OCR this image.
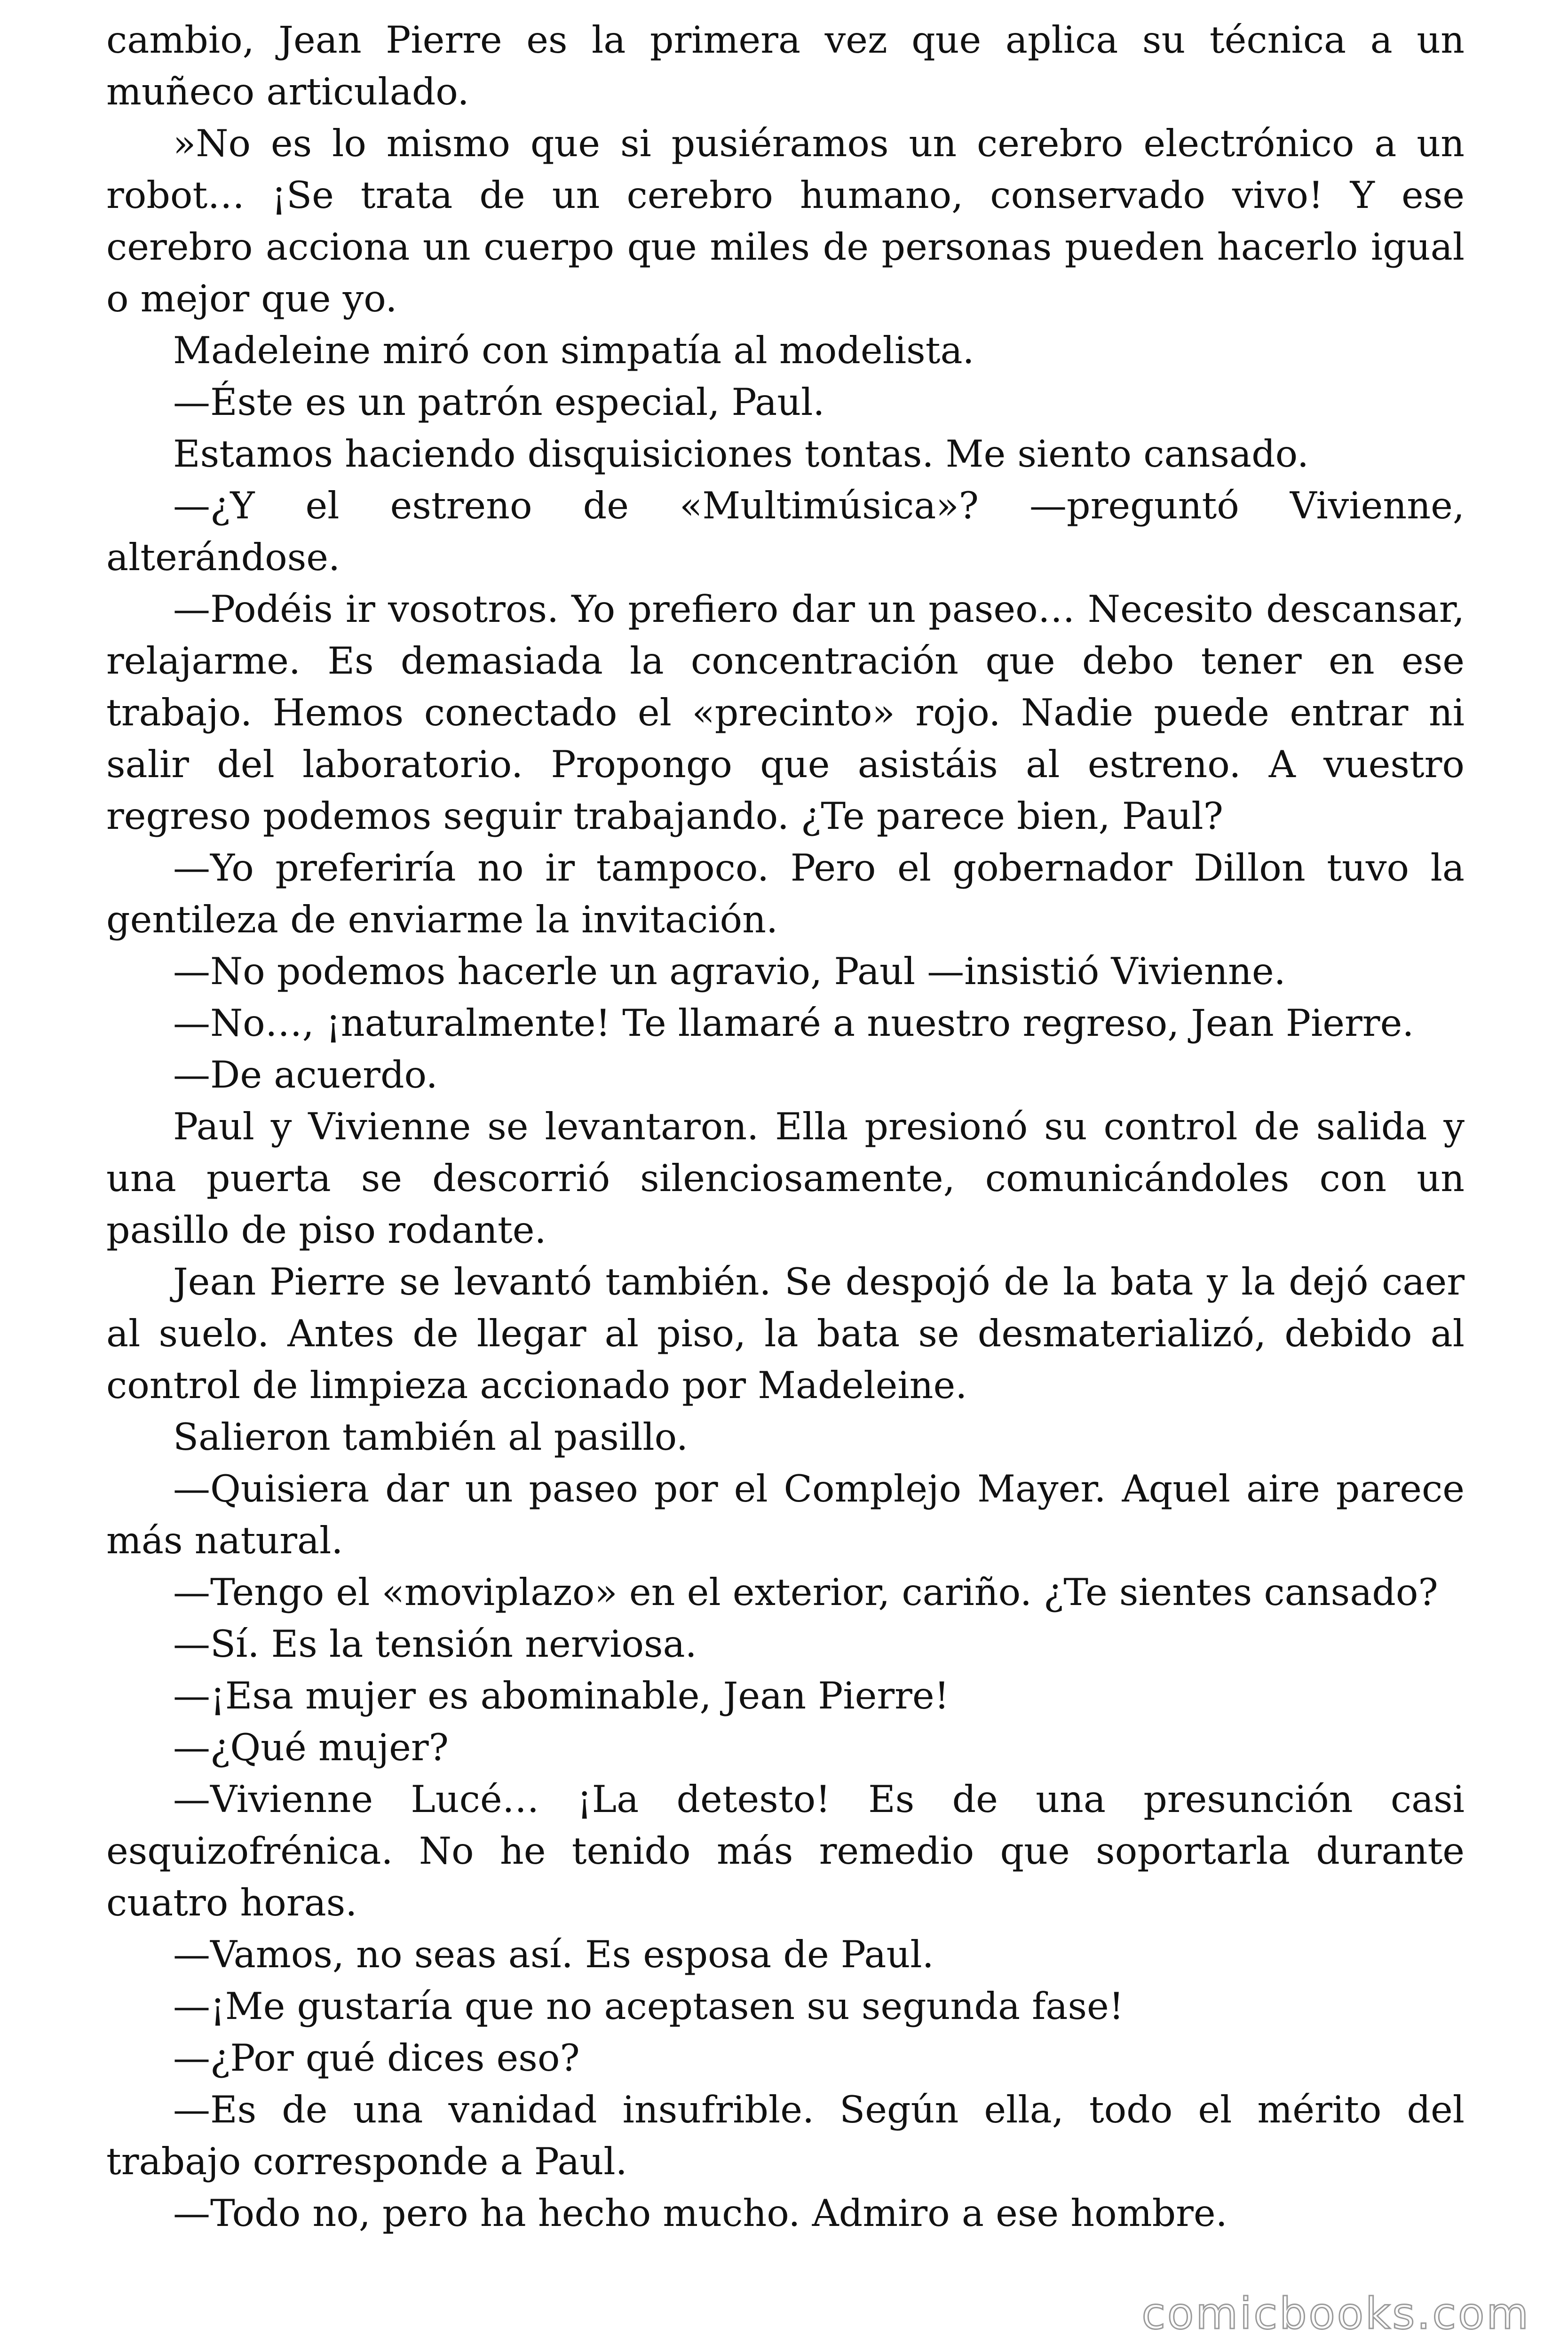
cambio, Jean Pierre es la primera vez que aplica su técnica a un muñeco articulado.

»No es lo mismo que si pusiéramos un cerebro electrónico a un robot… ¡Se trata de un cerebro humano, conservado vivo! Y ese cerebro acciona un cuerpo que miles de personas pueden hacerlo igual o mejor que yo.

Madeleine miró con simpatía al modelista.

—Éste es un patrón especial, Paul.

Estamos haciendo disquisiciones tontas. Me siento cansado.

—¿Y el estreno de «Multimúsica»? —preguntó Vivienne, alterándose.

—Podéis ir vosotros. Yo prefiero dar un paseo… Necesito descansar, relajarme. Es demasiada la concentración que debo tener en ese trabajo. Hemos conectado el «precinto» rojo. Nadie puede entrar ni salir del laboratorio. Propongo que asistáis al estreno. A vuestro regreso podemos seguir trabajando. ¿Te parece bien, Paul?

—Yo preferiría no ir tampoco. Pero el gobernador Dillon tuvo la gentileza de enviarme la invitación.

—No podemos hacerle un agravio, Paul —insistió Vivienne.

—No…, ¡naturalmente! Te llamaré a nuestro regreso, Jean Pierre.

—De acuerdo.

Paul y Vivienne se levantaron. Ella presionó su control de salida y una puerta se descorrió silenciosamente, comunicándoles con un pasillo de piso rodante.

Jean Pierre se levantó también. Se despojó de la bata y la dejó caer al suelo. Antes de llegar al piso, la bata se desmaterializó, debido al control de limpieza accionado por Madeleine.

Salieron también al pasillo.

—Quisiera dar un paseo por el Complejo Mayer. Aquel aire parece más natural.

—Tengo el «moviplazo» en el exterior, cariño. ¿Te sientes cansado?

—Sí. Es la tensión nerviosa.

—¡Esa mujer es abominable, Jean Pierre!

—¿Qué mujer?

—Vivienne Lucé… ¡La detesto! Es de una presunción casi esquizofrénica. No he tenido más remedio que soportarla durante cuatro horas.

—Vamos, no seas así. Es esposa de Paul.

—¡Me gustaría que no aceptasen su segunda fase!

—¿Por qué dices eso?

—Es de una vanidad insufrible. Según ella, todo el mérito del trabajo corresponde a Paul.

—Todo no, pero ha hecho mucho. Admiro a ese hombre.

comicbooks.com
